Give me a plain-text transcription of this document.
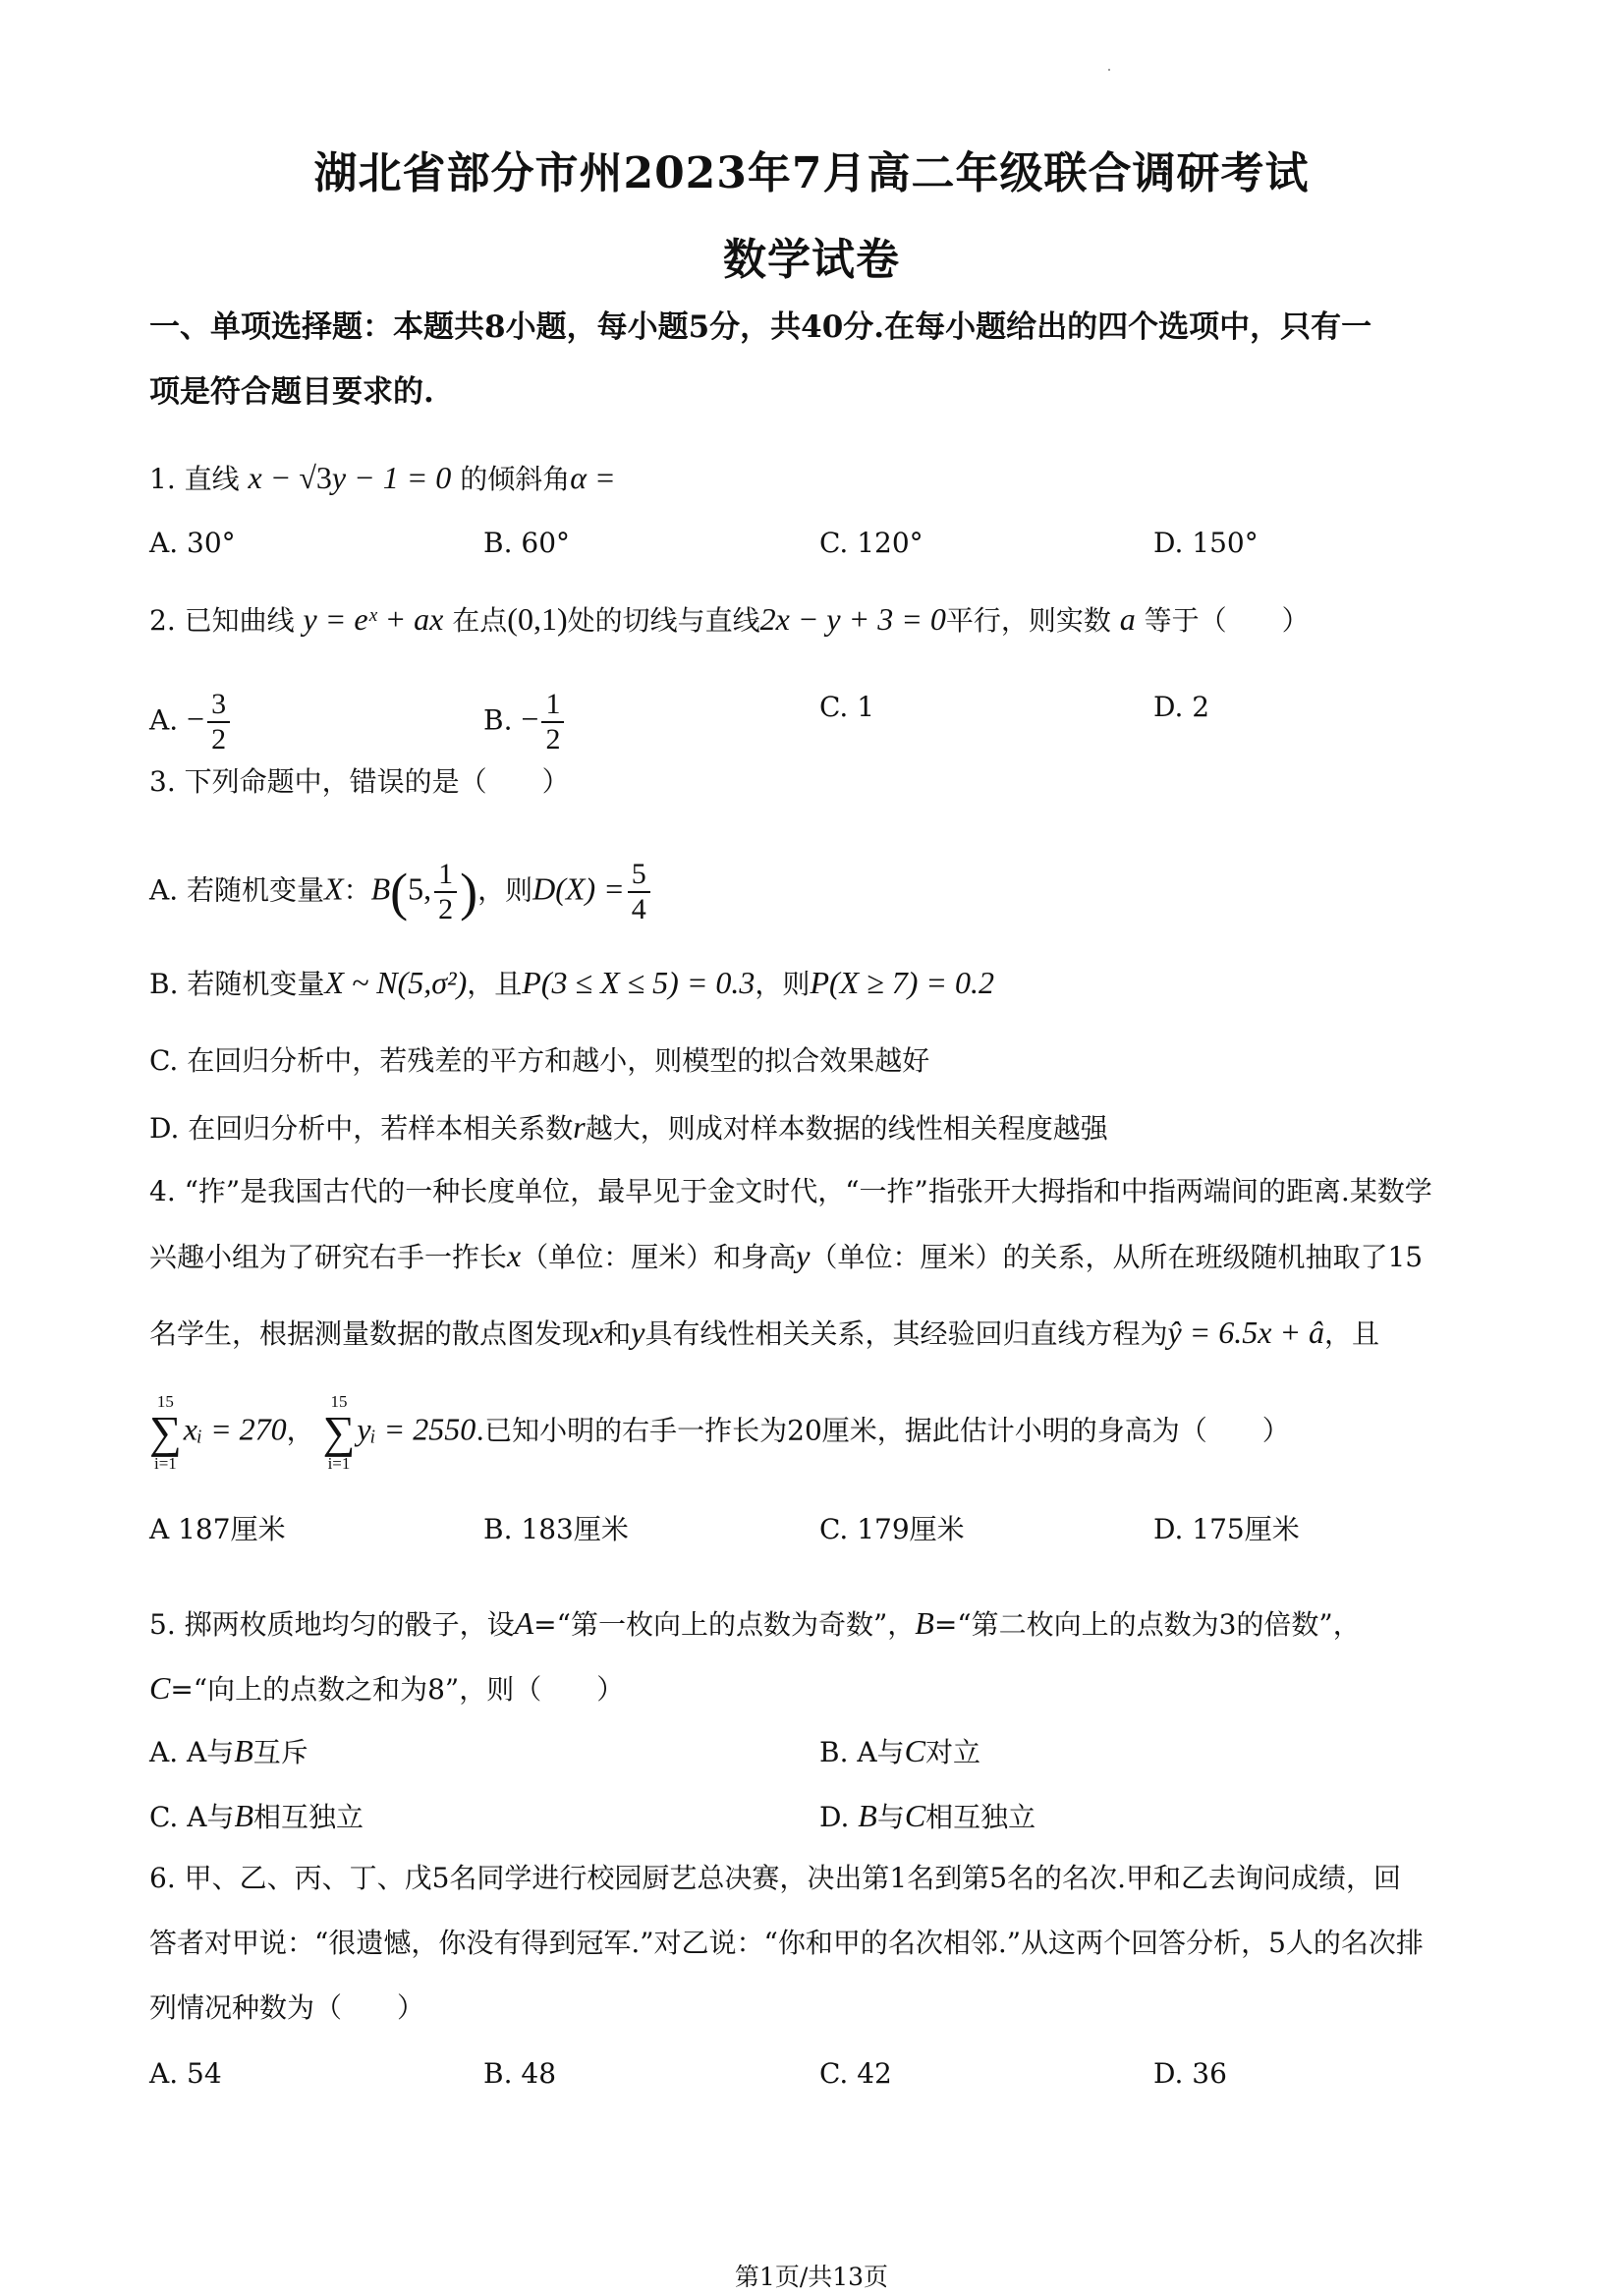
湖北省部分市州2023年7月高二年级联合调研考试
数学试卷
一、单项选择题：本题共8小题，每小题5分，共40分.在每小题给出的四个选项中，只有一
项是符合题目要求的.
1. 直线 x − √3y − 1 = 0 的倾斜角α =
A. 30°	B. 60°	C. 120°	D. 150°
2. 已知曲线 y = eˣ + ax 在点(0,1)处的切线与直线2x − y + 3 = 0平行，则实数 a 等于（　　）
A. − $\frac{3}{2}$	B. − $\frac{1}{2}$	C. 1	D. 2
3. 下列命题中，错误的是（　　）
A. 若随机变量X：B(5, $\frac{1}{2}$ )，则$D(X) = \frac{5}{4}$
B. 若随机变量X ~ N(5,σ²)，且P(3 ≤ X ≤ 5) = 0.3，则P(X ≥ 7) = 0.2
C. 在回归分析中，若残差的平方和越小，则模型的拟合效果越好
D. 在回归分析中，若样本相关系数r越大，则成对样本数据的线性相关程度越强
4. “拃”是我国古代的一种长度单位，最早见于金文时代，“一拃”指张开大拇指和中指两端间的距离.某数学
兴趣小组为了研究右手一拃长x（单位：厘米）和身高y（单位：厘米）的关系，从所在班级随机抽取了15
名学生，根据测量数据的散点图发现x和y具有线性相关关系，其经验回归直线方程为ŷ = 6.5x + â，且
15
∑
i=1
xᵢ = 270，
15
∑
i=1
yᵢ = 2550.已知小明的右手一拃长为20厘米，据此估计小明的身高为（　　）
A 187厘米	B. 183厘米	C. 179厘米	D. 175厘米
5. 掷两枚质地均匀的骰子，设A=“第一枚向上的点数为奇数”，B=“第二枚向上的点数为3的倍数”，
C=“向上的点数之和为8”，则（　　）
A. A与B互斥	B. A与C对立
C. A与B相互独立	D. B与C相互独立
6. 甲、乙、丙、丁、戊5名同学进行校园厨艺总决赛，决出第1名到第5名的名次.甲和乙去询问成绩，回
答者对甲说：“很遗憾，你没有得到冠军.”对乙说：“你和甲的名次相邻.”从这两个回答分析，5人的名次排
列情况种数为（　　）
A. 54	B. 48	C. 42	D. 36
第1页/共13页
